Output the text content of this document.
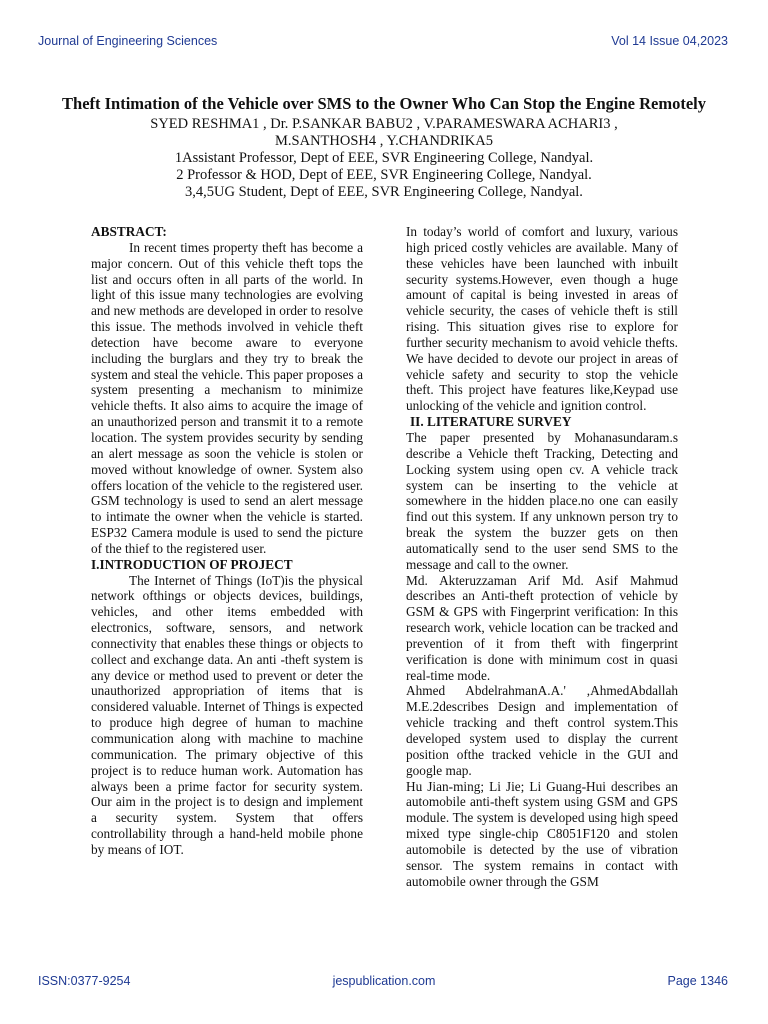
Journal of Engineering Sciences	Vol 14 Issue 04,2023

Theft Intimation of the Vehicle over SMS to the Owner Who Can Stop the Engine Remotely

SYED RESHMA1 , Dr. P.SANKAR BABU2 , V.PARAMESWARA ACHARI3 ,

M.SANTHOSH4 , Y.CHANDRIKA5

1Assistant Professor, Dept of EEE, SVR Engineering College, Nandyal.

2 Professor & HOD, Dept of EEE, SVR Engineering College, Nandyal.

3,4,5UG Student, Dept of EEE, SVR Engineering College, Nandyal.

ABSTRACT:

In recent times property theft has become a major concern. Out of this vehicle theft tops the list and occurs often in all parts of the world. In light of this issue many technologies are evolving and new methods are developed in order to resolve this issue. The methods involved in vehicle theft detection have become aware to everyone including the burglars and they try to break the system and steal the vehicle. This paper proposes a system presenting a mechanism to minimize vehicle thefts. It also aims to acquire the image of an unauthorized person and transmit it to a remote location. The system provides security by sending an alert message as soon the vehicle is stolen or moved without knowledge of owner. System also offers location of the vehicle to the registered user. GSM technology is used to send an alert message to intimate the owner when the vehicle is started. ESP32 Camera module is used to send the picture of the thief to the registered user.

I.INTRODUCTION OF PROJECT

The Internet of Things (IoT)is the physical network ofthings or objects devices, buildings, vehicles, and other items embedded with electronics, software, sensors, and network connectivity that enables these things or objects to collect and exchange data. An anti -theft system is any device or method used to prevent or deter the unauthorized appropriation of items that is considered valuable. Internet of Things is expected to produce high degree of human to machine communication along with machine to machine communication. The primary objective of this project is to reduce human work. Automation has always been a prime factor for security system. Our aim in the project is to design and implement a security system. System that offers controllability through a hand-held mobile phone by means of IOT.

In today’s world of comfort and luxury, various high priced costly vehicles are available. Many of these vehicles have been launched with inbuilt security systems.However, even though a huge amount of capital is being invested in areas of vehicle security, the cases of vehicle theft is still rising. This situation gives rise to explore for further security mechanism to avoid vehicle thefts. We have decided to devote our project in areas of vehicle safety and security to stop the vehicle theft. This project have features like,Keypad use unlocking of the vehicle and ignition control.

II. LITERATURE SURVEY

The paper presented by Mohanasundaram.s describe a Vehicle theft Tracking, Detecting and Locking system using open cv. A vehicle track system can be inserting to the vehicle at somewhere in the hidden place.no one can easily find out this system. If any unknown person try to break the system the buzzer gets on then automatically send to the user send SMS to the message and call to the owner.

Md. Akteruzzaman Arif Md. Asif Mahmud describes an Anti-theft protection of vehicle by GSM & GPS with Fingerprint verification: In this research work, vehicle location can be tracked and prevention of it from theft with fingerprint verification is done with minimum cost in quasi real-time mode.

Ahmed AbdelrahmanA.A.' ,AhmedAbdallah M.E.2describes Design and implementation of vehicle tracking and theft control system.This developed system used to display the current position ofthe tracked vehicle in the GUI and google map.

Hu Jian-ming; Li Jie; Li Guang-Hui describes an automobile anti-theft system using GSM and GPS module. The system is developed using high speed mixed type single-chip C8051F120 and stolen automobile is detected by the use of vibration sensor. The system remains in contact with automobile owner through the GSM

ISSN:0377-9254	jespublication.com	Page 1346
